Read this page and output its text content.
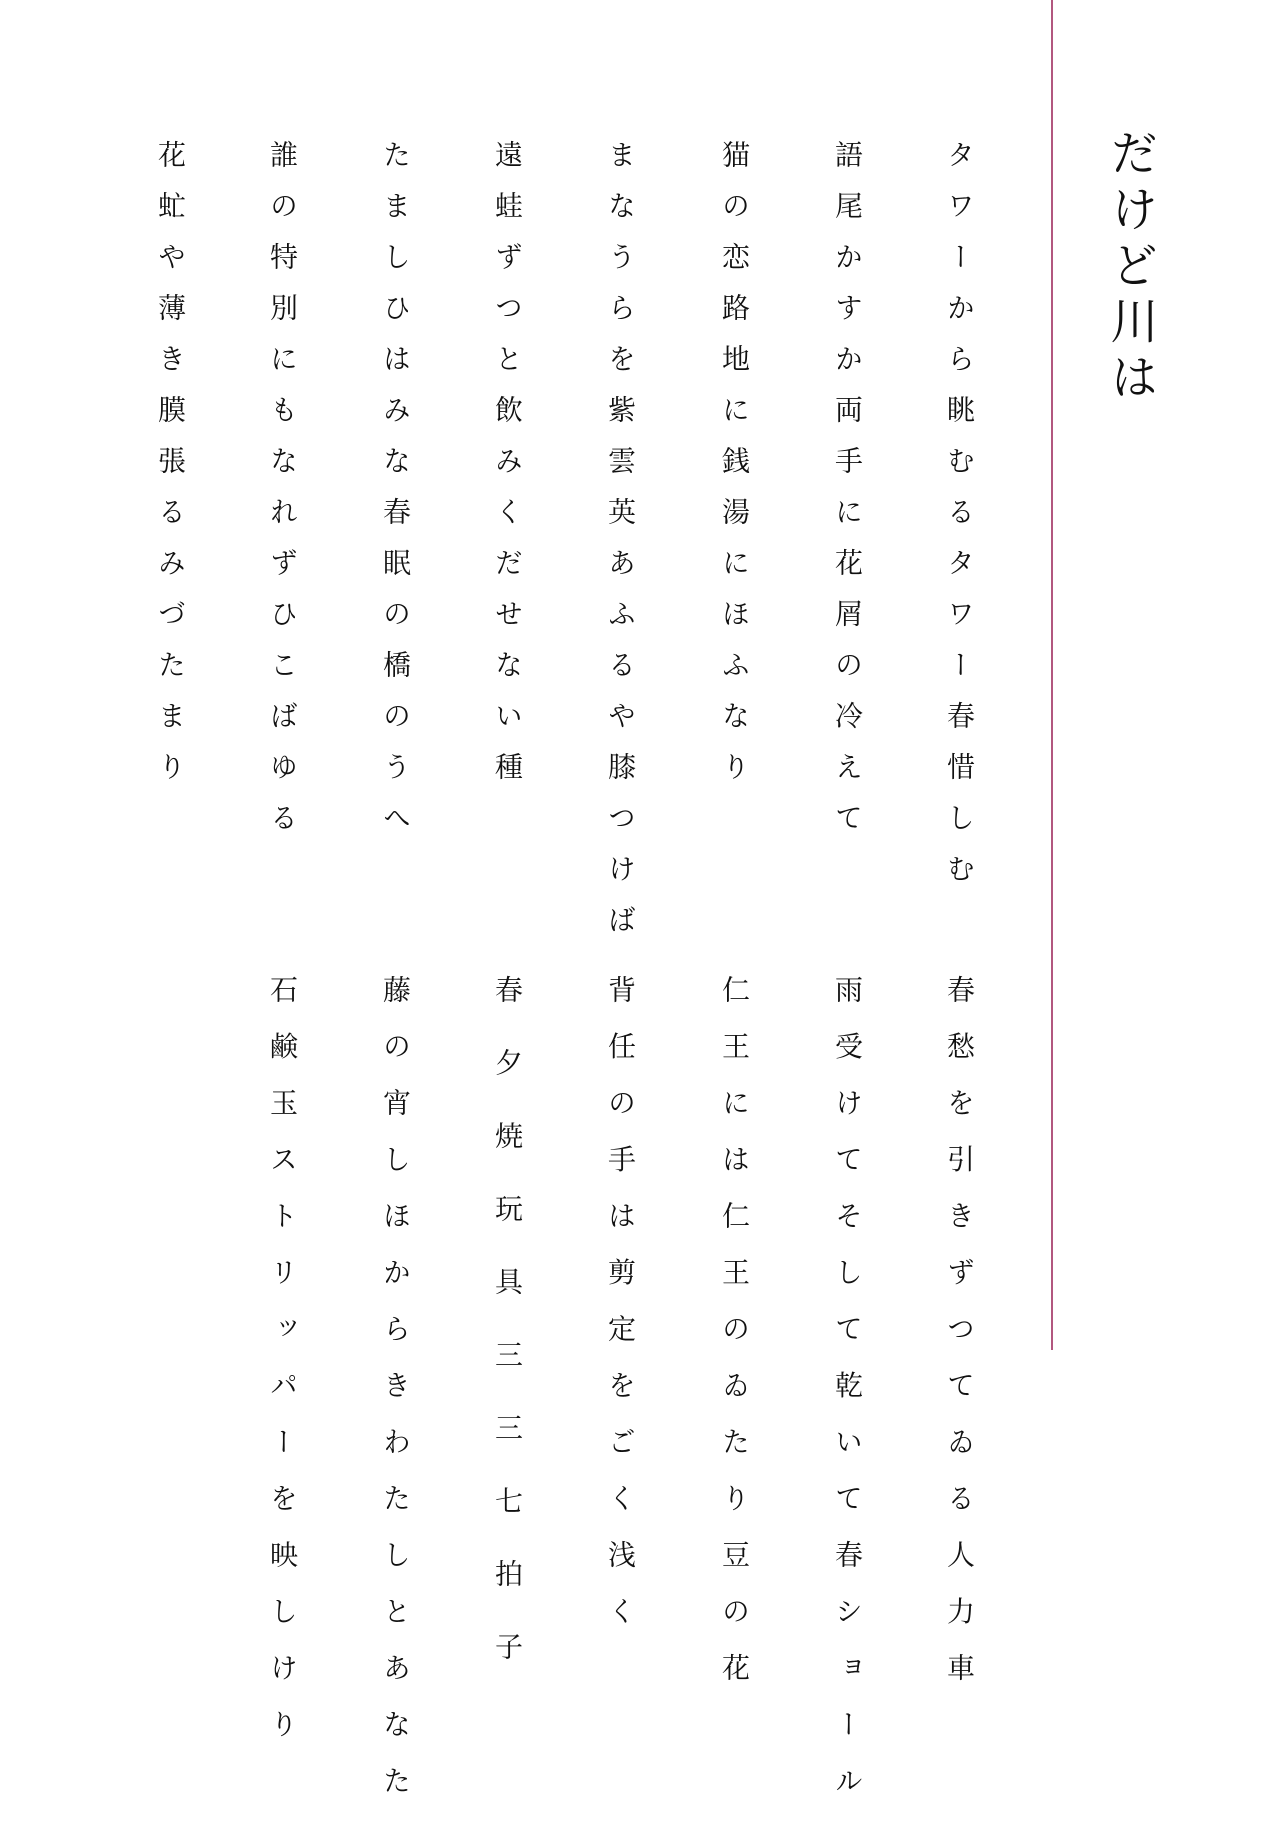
だけど川は
タワーから眺むるタワー春惜しむ
語尾かすか両手に花屑の冷えて
猫の恋路地に銭湯にほふなり
まなうらを紫雲英あふるや膝つけば
遠蛙ずつと飲みくだせない種
たましひはみな春眠の橋のうへ
誰の特別にもなれずひこばゆる
花虻や薄き膜張るみづたまり
春愁を引きずつてゐる人力車
雨受けてそして乾いて春ショール
仁王には仁王のゐたり豆の花
背任の手は剪定をごく浅く
春夕焼玩具三三七拍子
藤の宵しほからきわたしとあなた
石鹸玉ストリッパーを映しけり
